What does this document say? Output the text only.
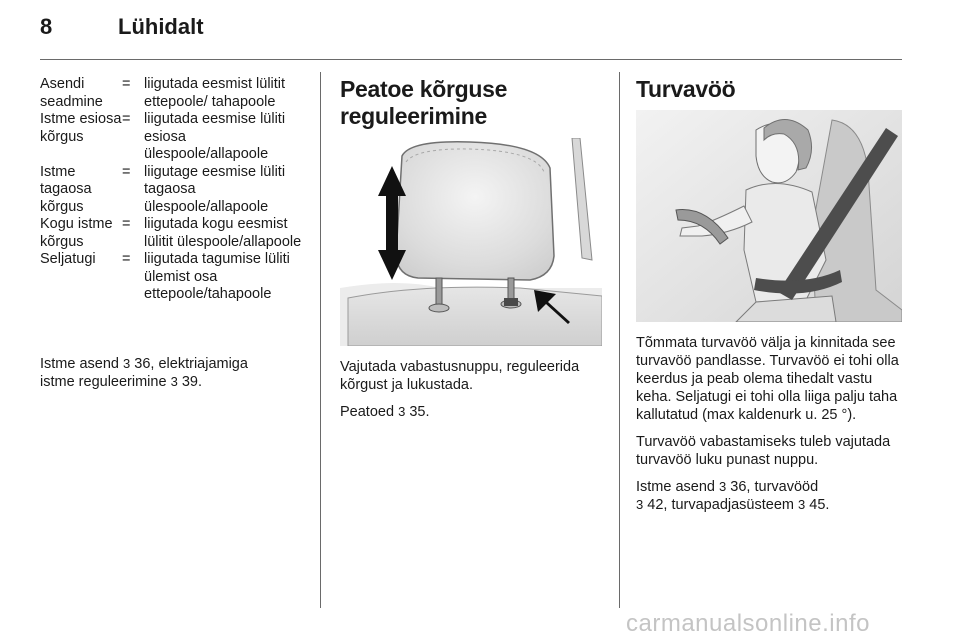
8	Lühidalt
Asendi seadmine
= liigutada eesmist lülitit ettepoole/ tahapoole
Istme esiosa kõrgus
= liigutada eesmise lüliti esiosa ülespoole/allapoole
Istme tagaosa kõrgus
= liigutage eesmise lüliti tagaosa ülespoole/allapoole
Kogu istme kõrgus
= liigutada kogu eesmist lülitit ülespoole/allapoole
Seljatugi	= liigutada tagumise lüliti ülemist osa ettepoole/tahapoole
Istme asend 3 36, elektriajamiga
istme reguleerimine 3 39.
Peatoe kõrguse
reguleerimine

Vajutada vabastusnuppu, reguleerida kõrgust ja lukustada.

Peatoed 3 35.

Turvavöö

Tõmmata turvavöö välja ja kinnitada see turvavöö pandlasse. Turvavöö ei tohi olla keerdus ja peab olema tihedalt vastu keha. Seljatugi ei tohi olla liiga palju taha kallutatud (max kaldenurk u. 25 °).

Turvavöö vabastamiseks tuleb vajutada turvavöö luku punast nuppu.

Istme asend 3 36, turvavööd
3 42, turvapadjasüsteem 3 45.

carmanualsonline.info
